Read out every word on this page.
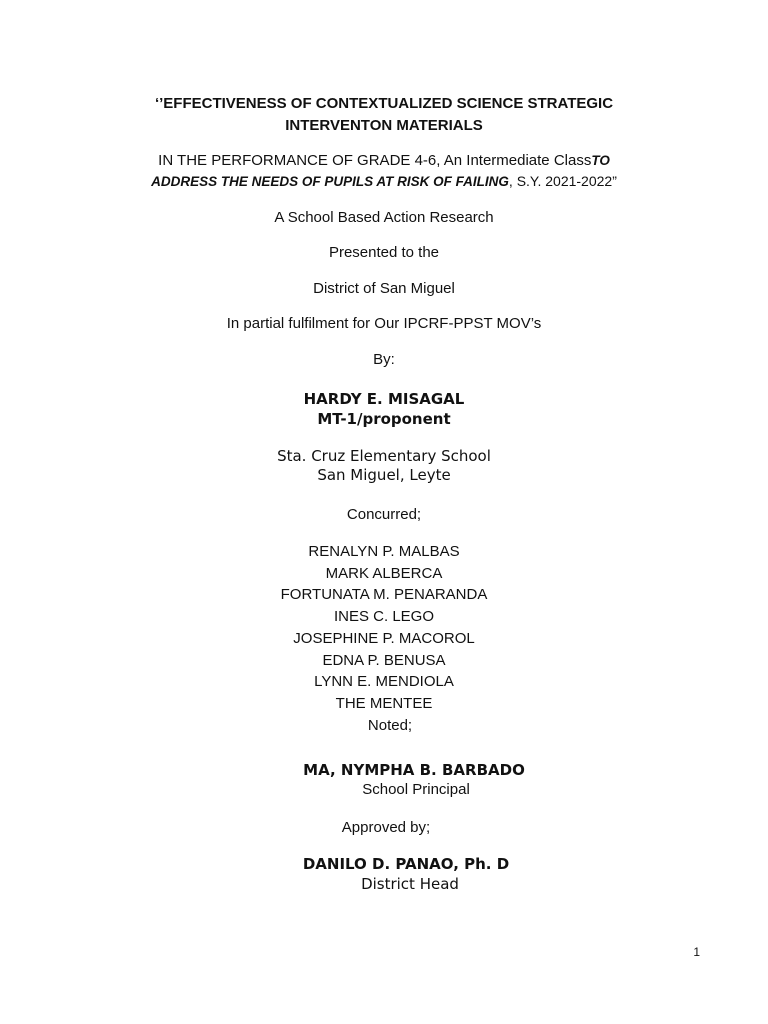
‘’EFFECTIVENESS OF CONTEXTUALIZED SCIENCE STRATEGIC
INTERVENTON MATERIALS
IN THE PERFORMANCE OF GRADE 4-6, An Intermediate ClassTO
ADDRESS THE NEEDS OF PUPILS AT RISK OF FAILING, S.Y. 2021-2022”
A School Based Action Research
Presented to the
District of San Miguel
In partial fulfilment for Our IPCRF-PPST MOV’s
By:
HARDY E. MISAGAL
MT-1/proponent
Sta. Cruz Elementary School
San Miguel, Leyte
Concurred;
RENALYN P. MALBAS
MARK ALBERCA
FORTUNATA M. PENARANDA
INES C. LEGO
JOSEPHINE P. MACOROL
EDNA P. BENUSA
LYNN E. MENDIOLA
THE MENTEE
Noted;
MA, NYMPHA B. BARBADO
School Principal
Approved by;
DANILO D. PANAO, Ph. D
District Head
1
